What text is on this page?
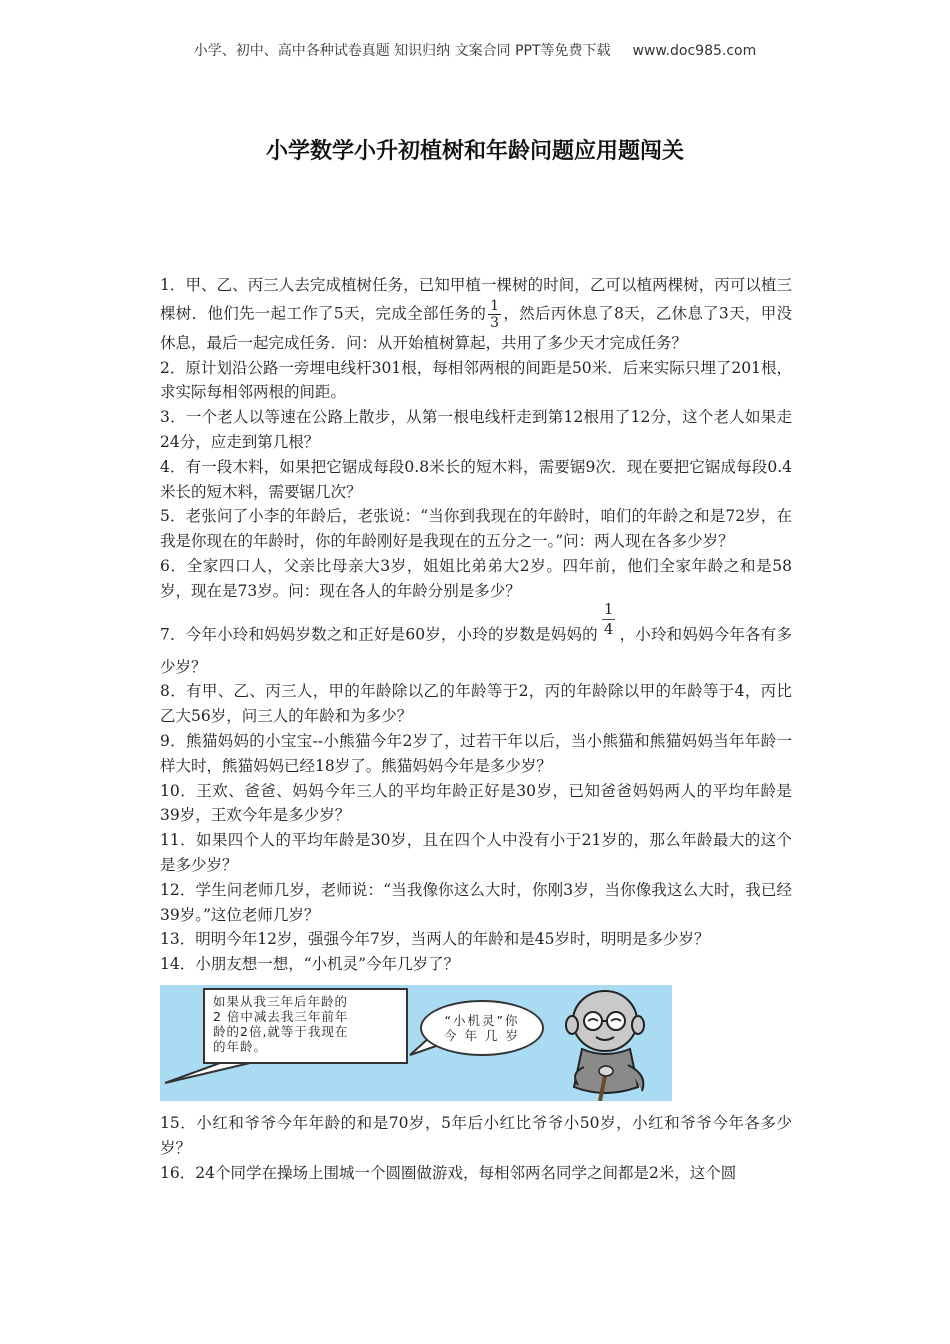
小学、初中、高中各种试卷真题 知识归纳 文案合同 PPT等免费下载 www.doc985.com
小学数学小升初植树和年龄问题应用题闯关

1．甲、乙、丙三人去完成植树任务，已知甲植一棵树的时间，乙可以植两棵树，丙可以植三棵树．他们先一起工作了5天，完成全部任务的 $\frac{1}{3}$ ，然后丙休息了8天，乙休息了3天，甲没休息，最后一起完成任务．问：从开始植树算起，共用了多少天才完成任务？

2．原计划沿公路一旁埋电线杆301根，每相邻两根的间距是50米．后来实际只埋了201根，求实际每相邻两根的间距。

3．一个老人以等速在公路上散步，从第一根电线杆走到第12根用了12分，这个老人如果走24分，应走到第几根？

4．有一段木料，如果把它锯成每段0.8米长的短木料，需要锯9次．现在要把它锯成每段0.4米长的短木料，需要锯几次？

5．老张问了小李的年龄后，老张说：“当你到我现在的年龄时，咱们的年龄之和是72岁，在我是你现在的年龄时，你的年龄刚好是我现在的五分之一。”问：两人现在各多少岁？

6．全家四口人，父亲比母亲大3岁，姐姐比弟弟大2岁。四年前，他们全家年龄之和是58岁，现在是73岁。问：现在各人的年龄分别是多少？

7．今年小玲和妈妈岁数之和正好是60岁，小玲的岁数是妈妈的 $\frac{1}{4}$ ，小玲和妈妈今年各有多少岁？

8．有甲、乙、丙三人，甲的年龄除以乙的年龄等于2，丙的年龄除以甲的年龄等于4，丙比乙大56岁，问三人的年龄和为多少？

9．熊猫妈妈的小宝宝--小熊猫今年2岁了，过若干年以后，当小熊猫和熊猫妈妈当年年龄一样大时，熊猫妈妈已经18岁了。熊猫妈妈今年是多少岁？

10．王欢、爸爸、妈妈今年三人的平均年龄正好是30岁，已知爸爸妈妈两人的平均年龄是39岁，王欢今年是多少岁？

11．如果四个人的平均年龄是30岁，且在四个人中没有小于21岁的，那么年龄最大的这个是多少岁？

12．学生问老师几岁，老师说：“当我像你这么大时，你刚3岁，当你像我这么大时，我已经39岁。”这位老师几岁？

13．明明今年12岁，强强今年7岁，当两人的年龄和是45岁时，明明是多少岁？

14．小朋友想一想，“小机灵”今年几岁了？

如果从我三年后年龄的
2 倍中减去我三年前年
龄的2倍,就等于我现在
的年龄。
“小机灵”你
今 年 几 岁

15．小红和爷爷今年年龄的和是70岁，5年后小红比爷爷小50岁，小红和爷爷今年各多少岁？

16．24个同学在操场上围城一个圆圈做游戏，每相邻两名同学之间都是2米，这个圆
